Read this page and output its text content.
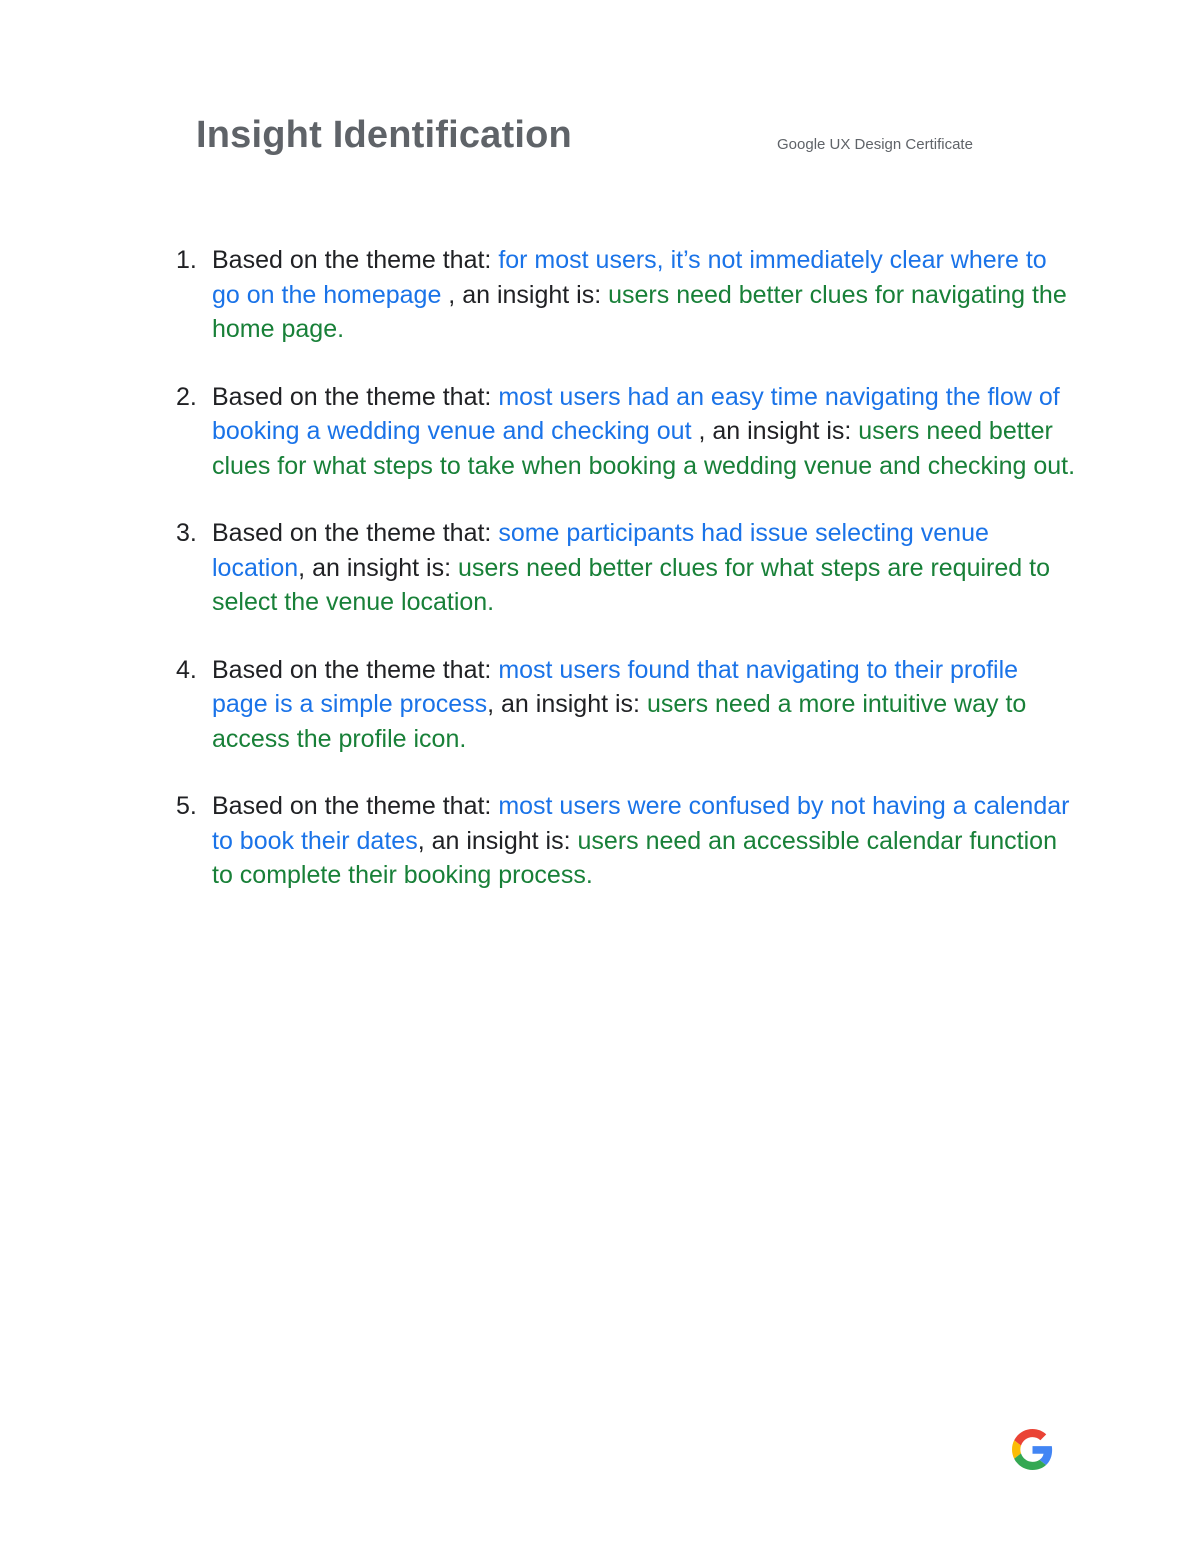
Insight Identification	Google UX Design Certificate
1. Based on the theme that: for most users, it’s not immediately clear where to go on the homepage , an insight is: users need better clues for navigating the home page.
2. Based on the theme that: most users had an easy time navigating the flow of booking a wedding venue and checking out , an insight is: users need better clues for what steps to take when booking a wedding venue and checking out.
3. Based on the theme that: some participants had issue selecting venue location, an insight is: users need better clues for what steps are required to select the venue location.
4. Based on the theme that: most users found that navigating to their profile page is a simple process, an insight is: users need a more intuitive way to access the profile icon.
5. Based on the theme that: most users were confused by not having a calendar to book their dates, an insight is: users need an accessible calendar function to complete their booking process.
